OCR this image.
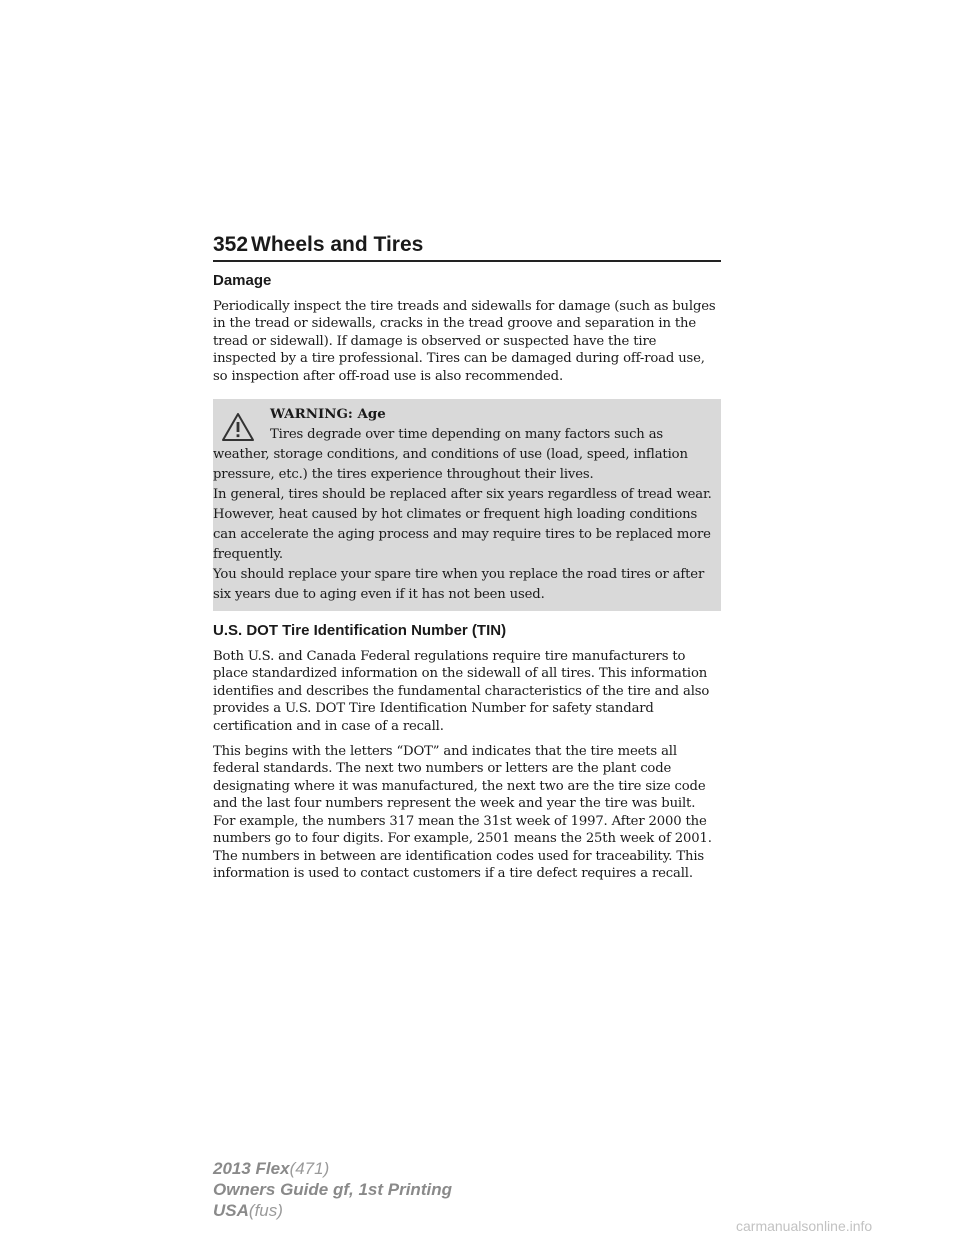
352 Wheels and Tires
Damage

Periodically inspect the tire treads and sidewalls for damage (such as bulges in the tread or sidewalls, cracks in the tread groove and separation in the tread or sidewall). If damage is observed or suspected have the tire inspected by a tire professional. Tires can be damaged during off-road use, so inspection after off-road use is also recommended.

WARNING: Age

Tires degrade over time depending on many factors such as weather, storage conditions, and conditions of use (load, speed, inflation pressure, etc.) the tires experience throughout their lives.

In general, tires should be replaced after six years regardless of tread wear. However, heat caused by hot climates or frequent high loading conditions can accelerate the aging process and may require tires to be replaced more frequently.

You should replace your spare tire when you replace the road tires or after six years due to aging even if it has not been used.

U.S. DOT Tire Identification Number (TIN)

Both U.S. and Canada Federal regulations require tire manufacturers to place standardized information on the sidewall of all tires. This information identifies and describes the fundamental characteristics of the tire and also provides a U.S. DOT Tire Identification Number for safety standard certification and in case of a recall.

This begins with the letters “DOT” and indicates that the tire meets all federal standards. The next two numbers or letters are the plant code designating where it was manufactured, the next two are the tire size code and the last four numbers represent the week and year the tire was built. For example, the numbers 317 mean the 31st week of 1997. After 2000 the numbers go to four digits. For example, 2501 means the 25th week of 2001. The numbers in between are identification codes used for traceability. This information is used to contact customers if a tire defect requires a recall.

2013 Flex(471)
Owners Guide gf, 1st Printing
USA(fus)
carmanualsonline.info
